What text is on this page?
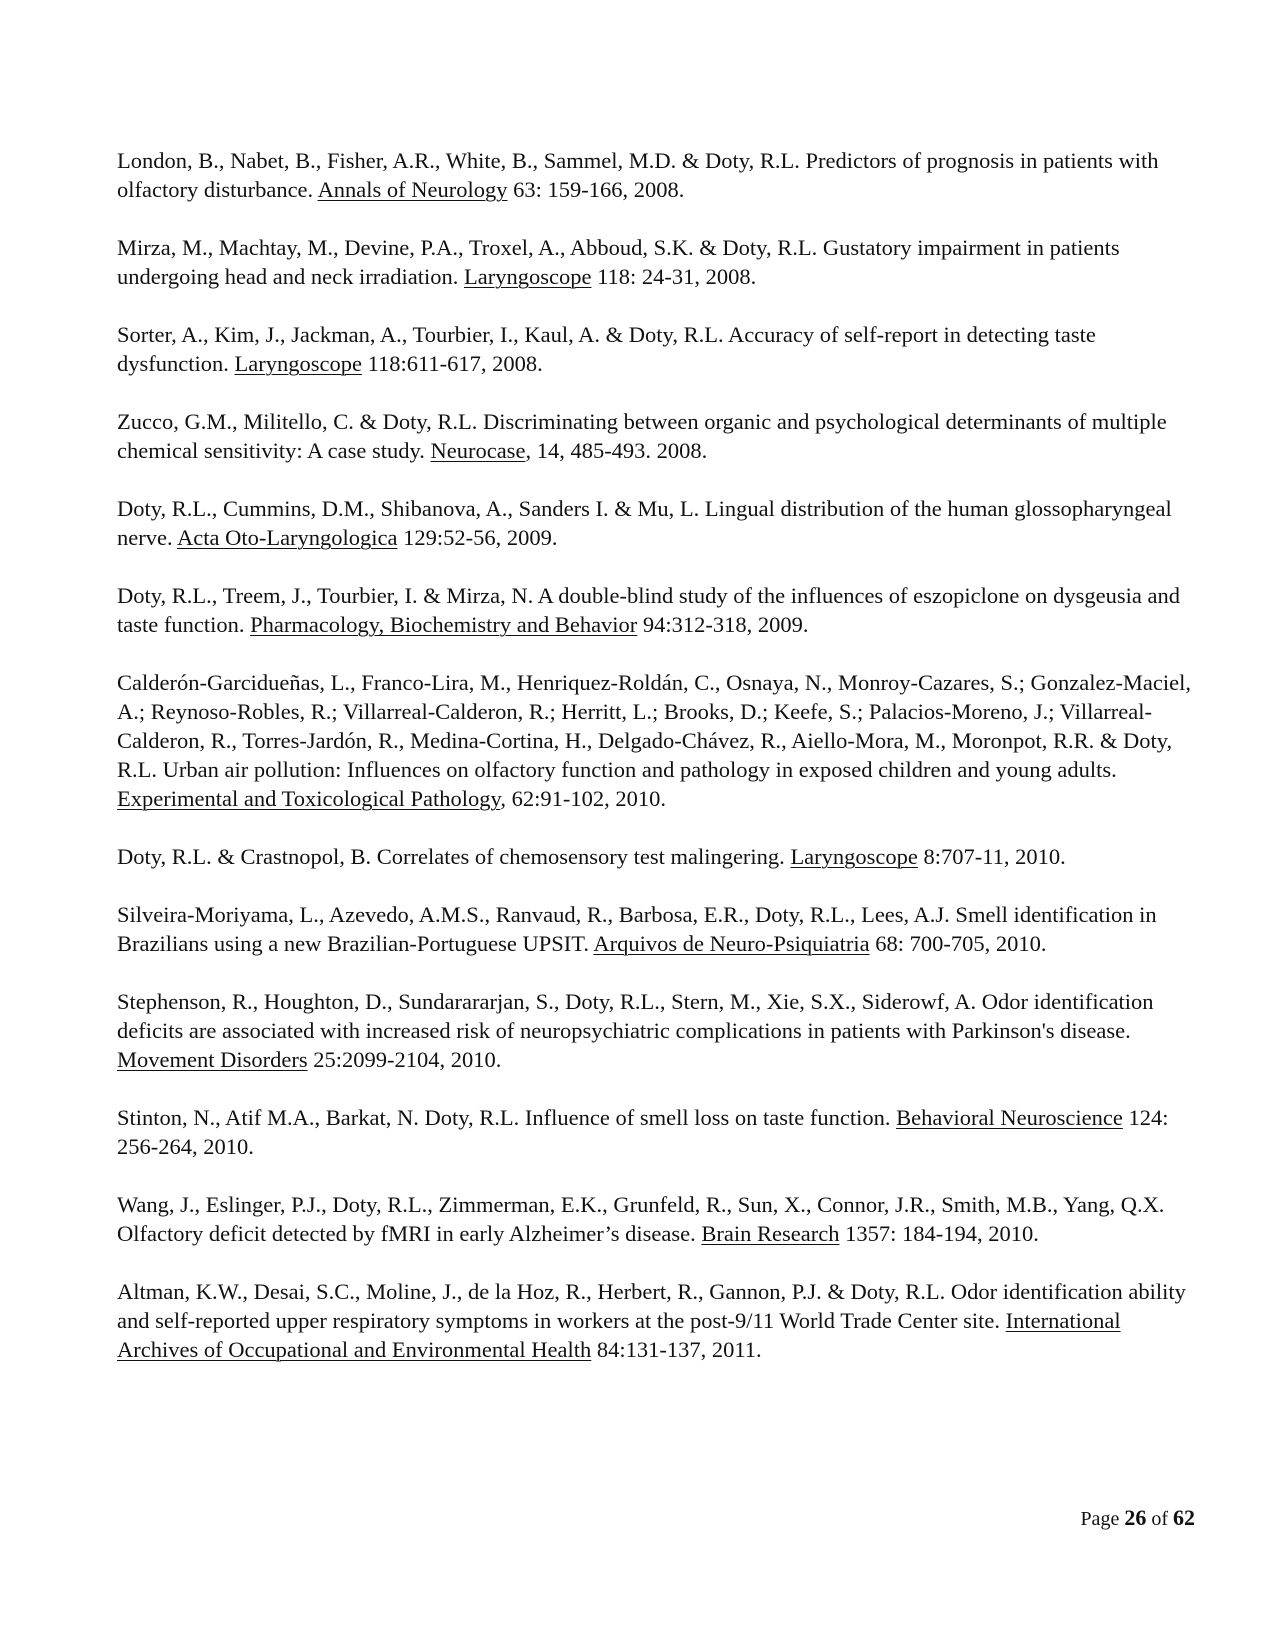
London, B., Nabet, B., Fisher, A.R., White, B., Sammel, M.D. & Doty, R.L. Predictors of prognosis in patients with olfactory disturbance. Annals of Neurology 63: 159-166, 2008.

Mirza, M., Machtay, M., Devine, P.A., Troxel, A., Abboud, S.K. & Doty, R.L. Gustatory impairment in patients undergoing head and neck irradiation. Laryngoscope 118: 24-31, 2008.

Sorter, A., Kim, J., Jackman, A., Tourbier, I., Kaul, A. & Doty, R.L. Accuracy of self-report in detecting taste dysfunction. Laryngoscope 118:611-617, 2008.

Zucco, G.M., Militello, C. & Doty, R.L. Discriminating between organic and psychological determinants of multiple chemical sensitivity: A case study. Neurocase, 14, 485-493. 2008.

Doty, R.L., Cummins, D.M., Shibanova, A., Sanders I. & Mu, L. Lingual distribution of the human glossopharyngeal nerve. Acta Oto-Laryngologica 129:52-56, 2009.

Doty, R.L., Treem, J., Tourbier, I. & Mirza, N. A double-blind study of the influences of eszopiclone on dysgeusia and taste function. Pharmacology, Biochemistry and Behavior 94:312-318, 2009.

Calderón-Garcidueñas, L., Franco-Lira, M., Henriquez-Roldán, C., Osnaya, N., Monroy-Cazares, S.; Gonzalez-Maciel, A.; Reynoso-Robles, R.; Villarreal-Calderon, R.; Herritt, L.; Brooks, D.; Keefe, S.; Palacios-Moreno, J.; Villarreal-Calderon, R., Torres-Jardón, R., Medina-Cortina, H., Delgado-Chávez, R., Aiello-Mora, M., Moronpot, R.R. & Doty, R.L. Urban air pollution: Influences on olfactory function and pathology in exposed children and young adults. Experimental and Toxicological Pathology, 62:91-102, 2010.

Doty, R.L. & Crastnopol, B. Correlates of chemosensory test malingering. Laryngoscope 8:707-11, 2010.

Silveira-Moriyama, L., Azevedo, A.M.S., Ranvaud, R., Barbosa, E.R., Doty, R.L., Lees, A.J. Smell identification in Brazilians using a new Brazilian-Portuguese UPSIT. Arquivos de Neuro-Psiquiatria 68: 700-705, 2010.

Stephenson, R., Houghton, D., Sundarararjan, S., Doty, R.L., Stern, M., Xie, S.X., Siderowf, A. Odor identification deficits are associated with increased risk of neuropsychiatric complications in patients with Parkinson's disease. Movement Disorders 25:2099-2104, 2010.

Stinton, N., Atif M.A., Barkat, N. Doty, R.L. Influence of smell loss on taste function. Behavioral Neuroscience 124: 256-264, 2010.

Wang, J., Eslinger, P.J., Doty, R.L., Zimmerman, E.K., Grunfeld, R., Sun, X., Connor, J.R., Smith, M.B., Yang, Q.X. Olfactory deficit detected by fMRI in early Alzheimer’s disease. Brain Research 1357: 184-194, 2010.

Altman, K.W., Desai, S.C., Moline, J., de la Hoz, R., Herbert, R., Gannon, P.J. & Doty, R.L. Odor identification ability and self-reported upper respiratory symptoms in workers at the post-9/11 World Trade Center site. International Archives of Occupational and Environmental Health 84:131-137, 2011.

Page 26 of 62
